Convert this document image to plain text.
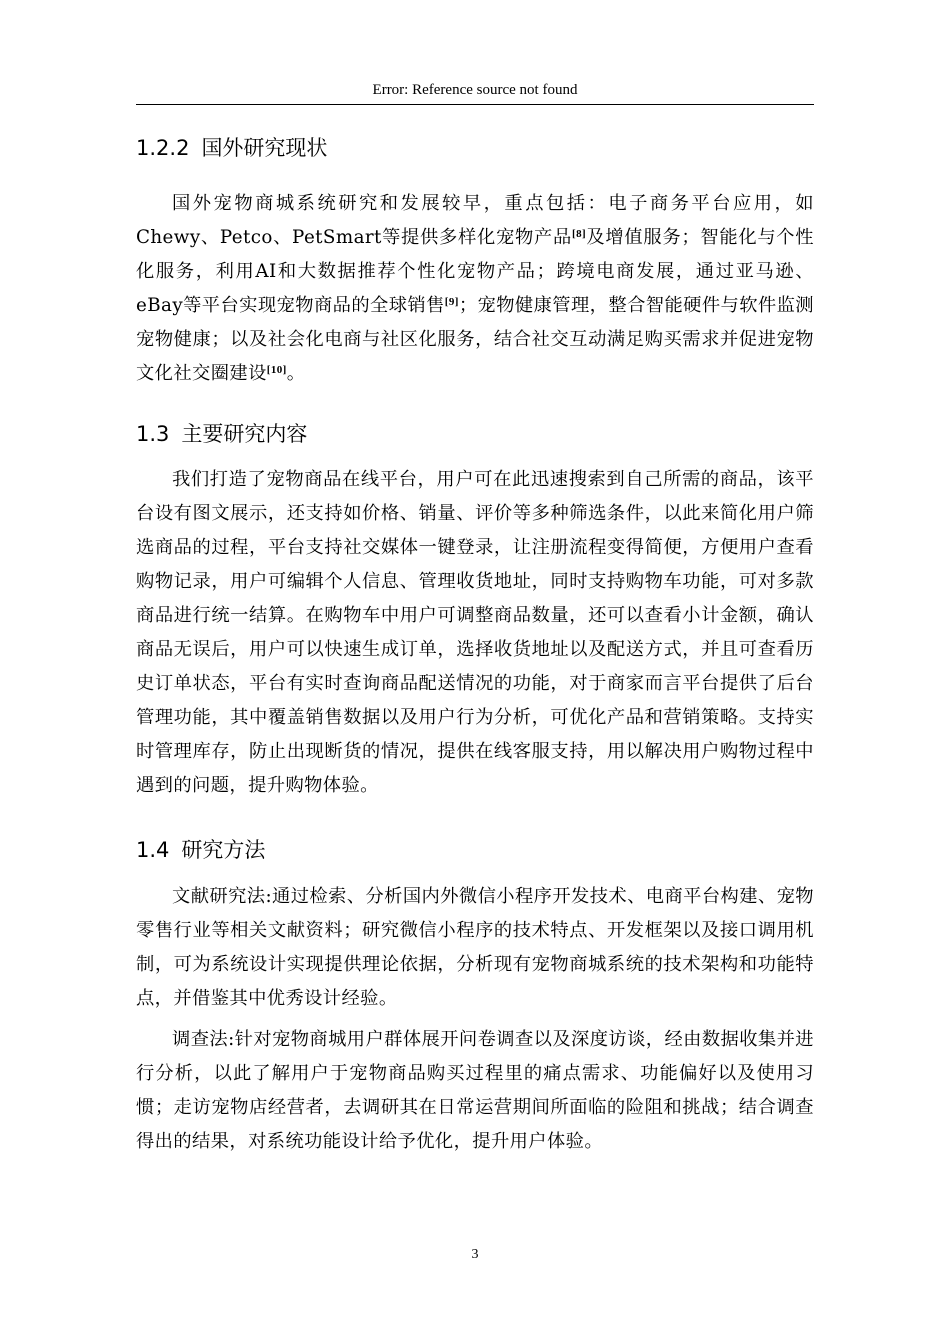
Error: Reference source not found
1.2.2 国外研究现状

国外宠物商城系统研究和发展较早，重点包括：电子商务平台应用，如Chewy、Petco、PetSmart等提供多样化宠物产品[8]及增值服务；智能化与个性化服务，利用AI和大数据推荐个性化宠物产品；跨境电商发展，通过亚马逊、eBay等平台实现宠物商品的全球销售[9]；宠物健康管理，整合智能硬件与软件监测宠物健康；以及社会化电商与社区化服务，结合社交互动满足购买需求并促进宠物文化社交圈建设[10]。

1.3 主要研究内容

我们打造了宠物商品在线平台，用户可在此迅速搜索到自己所需的商品，该平台设有图文展示，还支持如价格、销量、评价等多种筛选条件，以此来简化用户筛选商品的过程，平台支持社交媒体一键登录，让注册流程变得简便，方便用户查看购物记录，用户可编辑个人信息、管理收货地址，同时支持购物车功能，可对多款商品进行统一结算。在购物车中用户可调整商品数量，还可以查看小计金额，确认商品无误后，用户可以快速生成订单，选择收货地址以及配送方式，并且可查看历史订单状态，平台有实时查询商品配送情况的功能，对于商家而言平台提供了后台管理功能，其中覆盖销售数据以及用户行为分析，可优化产品和营销策略。支持实时管理库存，防止出现断货的情况，提供在线客服支持，用以解决用户购物过程中遇到的问题，提升购物体验。

1.4 研究方法

文献研究法:通过检索、分析国内外微信小程序开发技术、电商平台构建、宠物零售行业等相关文献资料；研究微信小程序的技术特点、开发框架以及接口调用机制，可为系统设计实现提供理论依据，分析现有宠物商城系统的技术架构和功能特点，并借鉴其中优秀设计经验。

调查法:针对宠物商城用户群体展开问卷调查以及深度访谈，经由数据收集并进行分析，以此了解用户于宠物商品购买过程里的痛点需求、功能偏好以及使用习惯；走访宠物店经营者，去调研其在日常运营期间所面临的险阻和挑战；结合调查得出的结果，对系统功能设计给予优化，提升用户体验。

3
